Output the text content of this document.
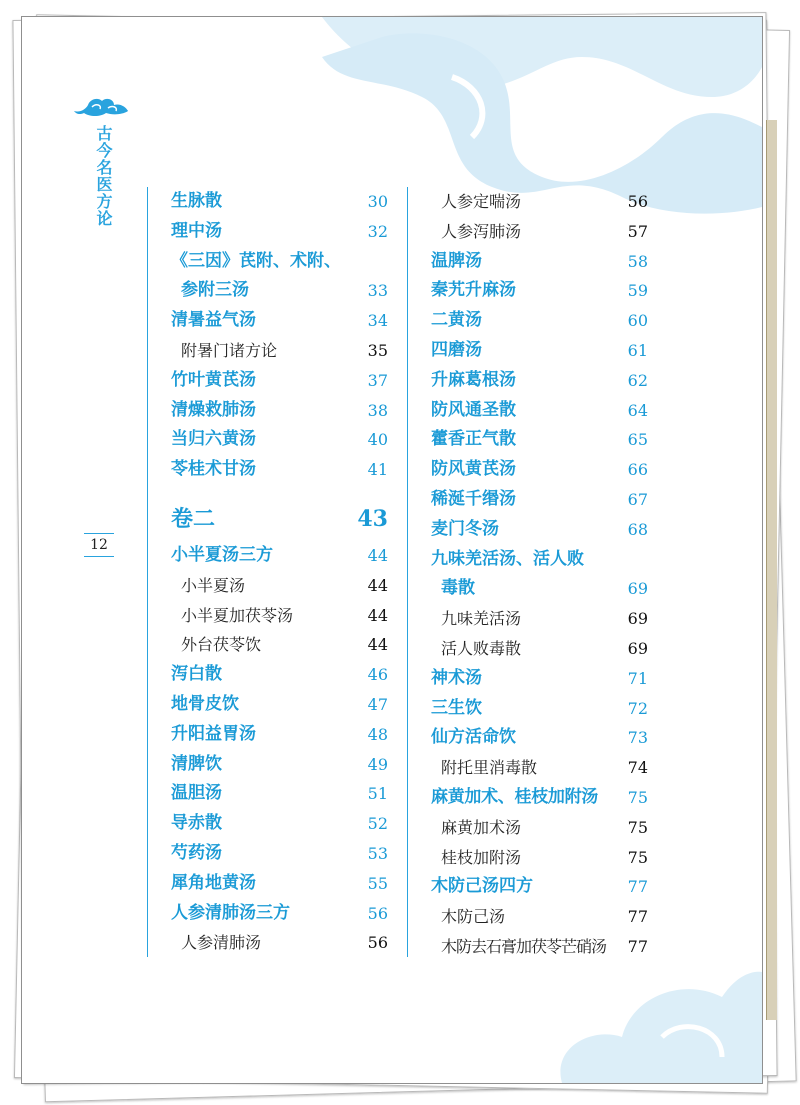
古今名医方论
12
生脉散	30
理中汤	32
《三因》芪附、术附、
参附三汤	33
清暑益气汤	34
附暑门诸方论	35
竹叶黄芪汤	37
清燥救肺汤	38
当归六黄汤	40
苓桂术甘汤	41
卷二	43
小半夏汤三方	44
小半夏汤	44
小半夏加茯苓汤	44
外台茯苓饮	44
泻白散	46
地骨皮饮	47
升阳益胃汤	48
清脾饮	49
温胆汤	51
导赤散	52
芍药汤	53
犀角地黄汤	55
人参清肺汤三方	56
人参清肺汤	56
人参定喘汤	56
人参泻肺汤	57
温脾汤	58
秦艽升麻汤	59
二黄汤	60
四磨汤	61
升麻葛根汤	62
防风通圣散	64
藿香正气散	65
防风黄芪汤	66
稀涎千缗汤	67
麦门冬汤	68
九味羌活汤、活人败
毒散	69
九味羌活汤	69
活人败毒散	69
神术汤	71
三生饮	72
仙方活命饮	73
附托里消毒散	74
麻黄加术、桂枝加附汤 75
麻黄加术汤	75
桂枝加附汤	75
木防己汤四方	77
木防己汤	77
木防去石膏加茯苓芒硝汤 77
